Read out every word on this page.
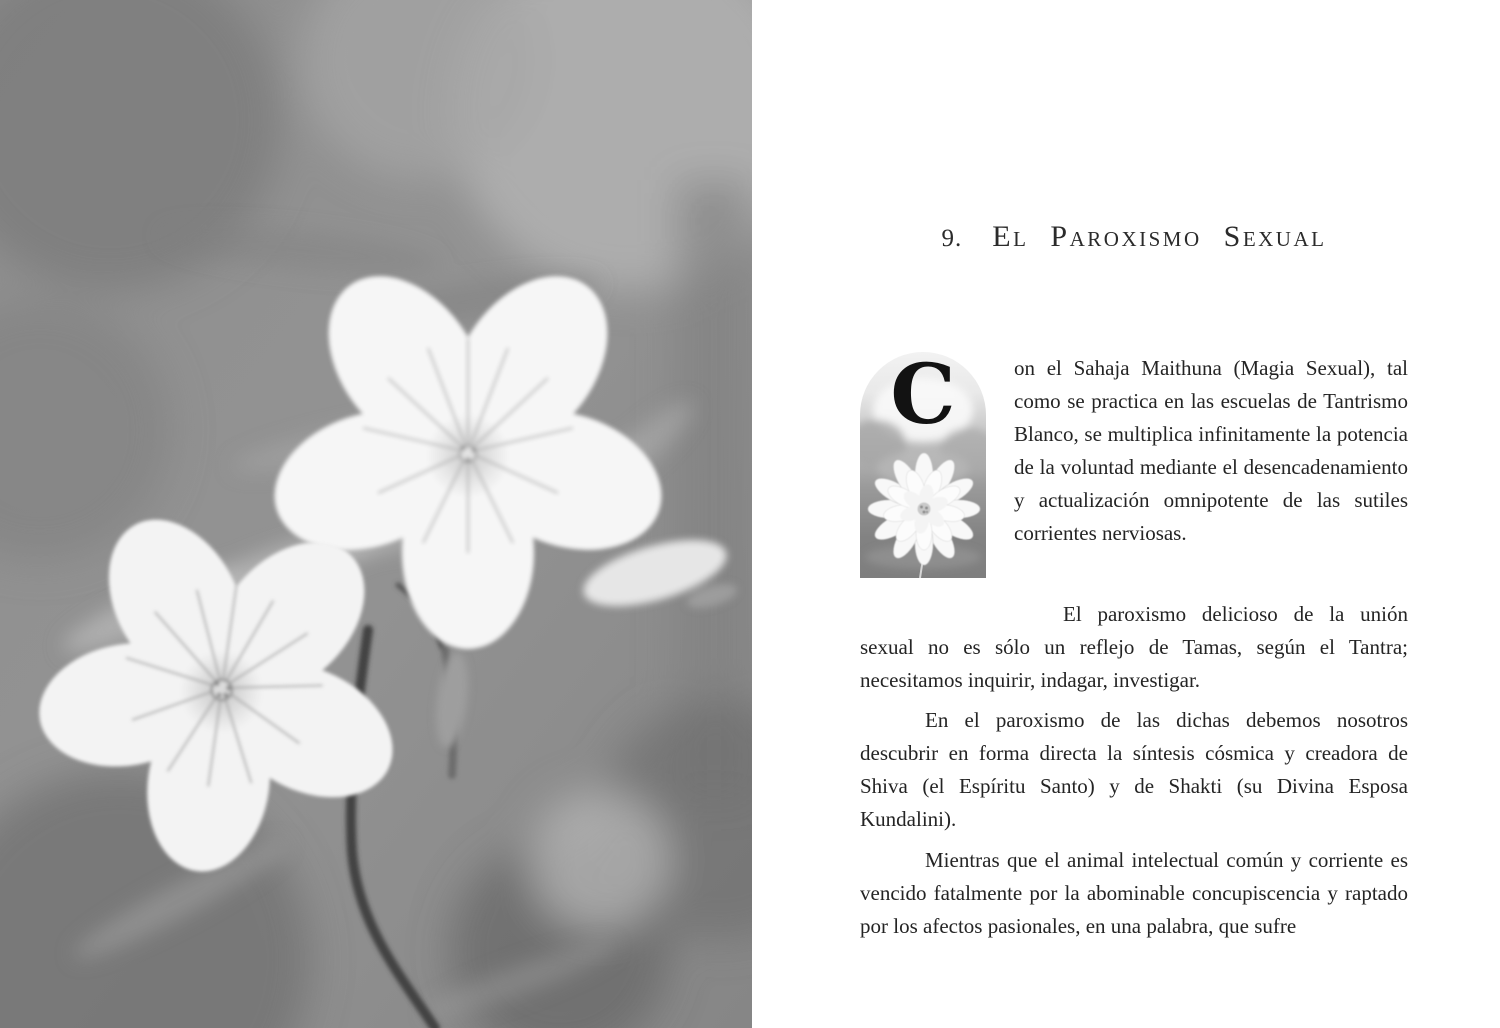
9. El Paroxismo Sexual
C	on el Sahaja Maithuna (Magia Sexual), tal como se practica en las escuelas de Tantrismo Blanco, se multiplica infinitamente la potencia de la voluntad mediante el desencadenamiento y actualización omnipotente de las sutiles corrientes nerviosas.

El paroxismo delicioso de la unión sexual no es sólo un reflejo de Tamas, según el Tantra; necesitamos inquirir, indagar, investigar.

En el paroxismo de las dichas debemos nosotros descubrir en forma directa la síntesis cósmica y creadora de Shiva (el Espíritu Santo) y de Shakti (su Divina Esposa Kundalini).

Mientras que el animal intelectual común y corriente es vencido fatalmente por la abominable concupiscencia y raptado por los afectos pasionales, en una palabra, que sufre
